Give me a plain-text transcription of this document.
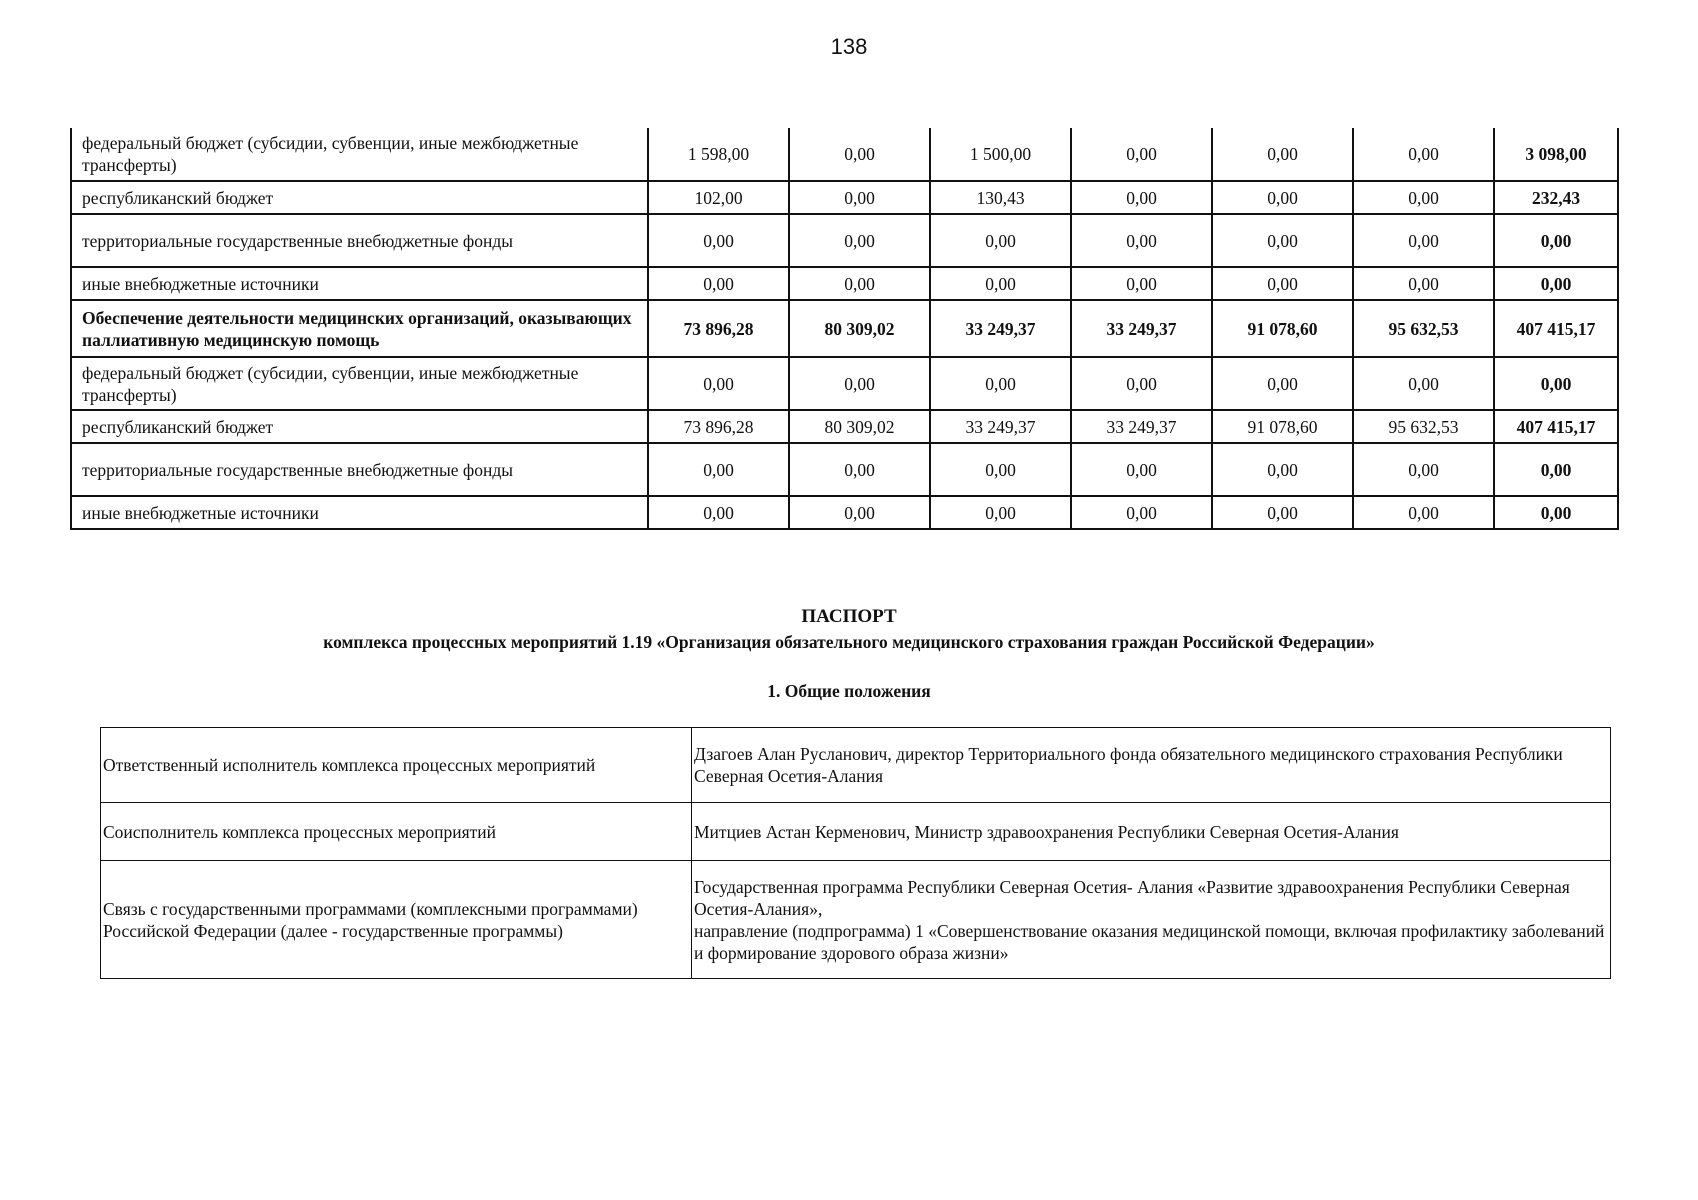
138
федеральный бюджет (субсидии, субвенции, иные межбюджетные трансферты)	1 598,00	0,00	1 500,00	0,00	0,00	0,00	3 098,00
республиканский бюджет	102,00	0,00	130,43	0,00	0,00	0,00	232,43
территориальные государственные внебюджетные фонды	0,00	0,00	0,00	0,00	0,00	0,00	0,00
иные внебюджетные источники	0,00	0,00	0,00	0,00	0,00	0,00	0,00
Обеспечение деятельности медицинских организаций, оказывающих паллиативную медицинскую помощь	73 896,28	80 309,02	33 249,37	33 249,37	91 078,60	95 632,53	407 415,17
федеральный бюджет (субсидии, субвенции, иные межбюджетные трансферты)	0,00	0,00	0,00	0,00	0,00	0,00	0,00
республиканский бюджет	73 896,28	80 309,02	33 249,37	33 249,37	91 078,60	95 632,53	407 415,17
территориальные государственные внебюджетные фонды	0,00	0,00	0,00	0,00	0,00	0,00	0,00
иные внебюджетные источники	0,00	0,00	0,00	0,00	0,00	0,00	0,00
ПАСПОРТ
комплекса процессных мероприятий 1.19 «Организация обязательного медицинского страхования граждан Российской Федерации»
1. Общие положения
Ответственный исполнитель комплекса процессных мероприятий	Дзагоев Алан Русланович, директор Территориального фонда обязательного медицинского страхования Республики Северная Осетия-Алания

Соисполнитель комплекса процессных мероприятий	Митциев Астан Керменович, Министр здравоохранения Республики Северная Осетия-Алания

Связь с государственными программами (комплексными программами) Российской Федерации (далее - государственные программы)	Государственная программа Республики Северная Осетия- Алания «Развитие здравоохранения Республики Северная Осетия-Алания»,
направление (подпрограмма) 1 «Совершенствование оказания медицинской помощи, включая профилактику заболеваний и формирование здорового образа жизни»
